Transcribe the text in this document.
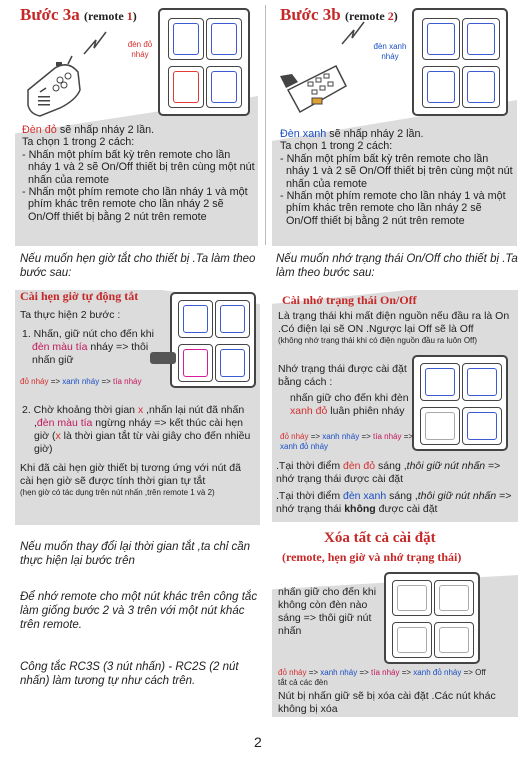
Bước 3a (remote 1)
đèn đỏ nháy
Đèn đỏ sẽ nhấp nháy 2 lần.
Ta chọn 1 trong 2 cách:
- Nhấn một phím bất kỳ trên remote cho lần nháy 1 và 2 sẽ On/Off thiết bị trên cùng một nút nhấn của remote
- Nhấn một phím remote cho lần nháy 1 và một phím khác trên remote cho lần nháy 2 sẽ On/Off thiết bị bằng 2 nút trên remote
Bước 3b (remote 2)
đèn xanh nháy
Đèn xanh sẽ nhấp nháy 2 lần.
Ta chọn 1 trong 2 cách:
- Nhấn một phím bất kỳ trên remote cho lần nháy 1 và 2 sẽ On/Off thiết bị trên cùng một nút nhấn của remote
- Nhấn một phím remote cho lần nháy 1 và một phím khác trên remote cho lần nháy 2 sẽ On/Off thiết bị bằng 2 nút trên remote
Nếu muốn hẹn giờ tắt cho thiết bị .Ta làm theo bước sau:
Nếu muốn nhớ trạng thái On/Off cho thiết bị .Ta làm theo bước sau:
Cài hẹn giờ tự động tắt
Ta thực hiện 2 bước :
1. Nhấn, giữ nút cho đến khi đèn màu tía nháy => thôi nhấn giữ
đỏ nháy => xanh nháy => tía nháy
2. Chờ khoảng thời gian x ,nhấn lại nút đã nhấn ,đèn màu tía ngừng nháy => kết thúc cài hẹn giờ (x là thời gian tắt từ vài giây cho đến nhiều giờ)
Khi đã cài hẹn giờ thiết bị tương ứng với nút đã cài hẹn giờ sẽ được tính thời gian tự tắt
(hẹn giờ có tác dụng trên nút nhấn ,trên remote 1 và 2)
Cài nhớ trạng thái On/Off
Là trạng thái khi mất điện nguồn nếu đầu ra là On .Có điện lại sẽ ON .Ngược lại Off sẽ là Off
(không nhớ trạng thái khi có điện nguồn đầu ra luôn Off)
Nhớ trạng thái được cài đặt bằng cách :
nhấn giữ cho đến khi đèn xanh đỏ luân phiên nháy
đỏ nháy => xanh nháy => tía nháy => xanh đỏ nháy
.Tại thời điểm đèn đỏ sáng ,thôi giữ nút nhấn => nhớ trạng thái được cài đặt
.Tại thời điểm đèn xanh sáng ,thôi giữ nút nhấn => nhớ trạng thái không được cài đặt
Nếu muốn thay đổi lại thời gian tắt ,ta chỉ cần thực hiện lại bước trên
Để nhớ remote cho một nút khác trên công tắc làm giống bước 2 và 3 trên với một nút khác trên remote.
Công tắc RC3S (3 nút nhấn) - RC2S (2 nút nhấn) làm tương tự như cách trên.
Xóa tất cả cài đặt
(remote, hẹn giờ và nhớ trạng thái)
nhấn giữ cho đến khi không còn đèn nào sáng => thôi giữ nút nhấn
đỏ nháy => xanh nháy => tía nháy => xanh đỏ nháy => Off
tắt cả các đèn
Nút bị nhấn giữ sẽ bị xóa cài đặt .Các nút khác không bị xóa
2
